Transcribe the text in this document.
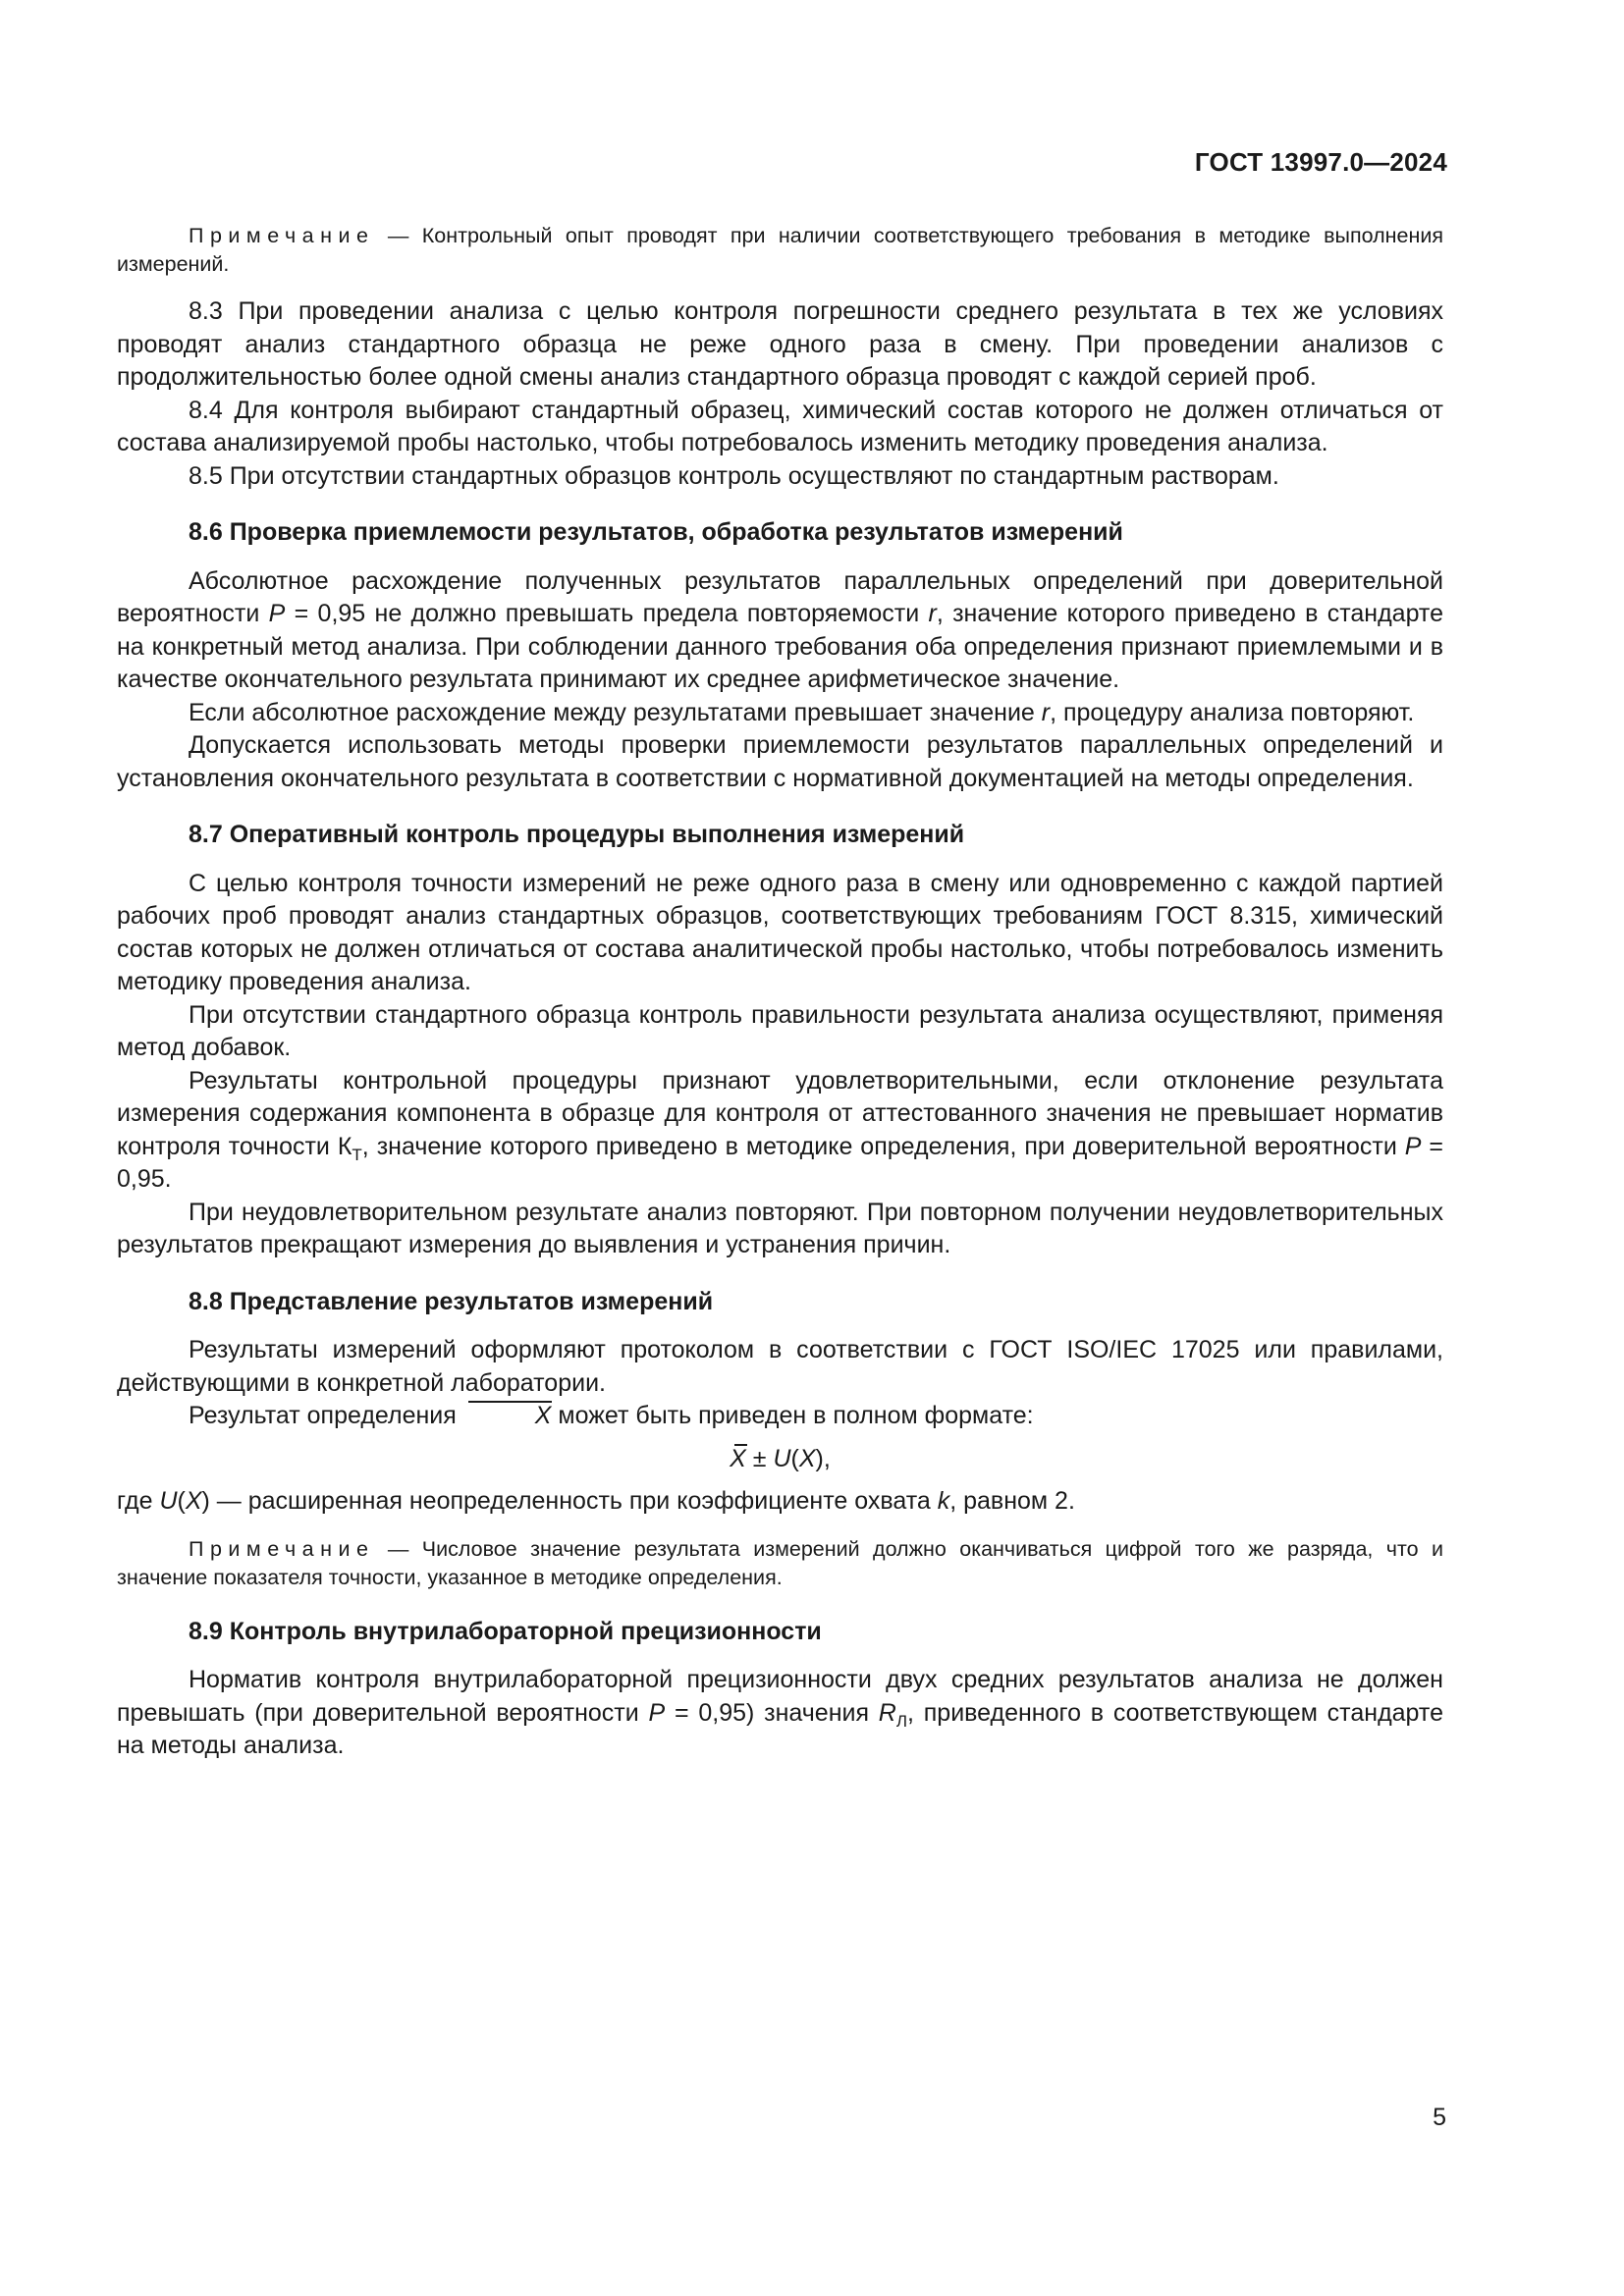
ГОСТ 13997.0—2024

Примечание — Контрольный опыт проводят при наличии соответствующего требования в методике выполнения измерений.

8.3 При проведении анализа с целью контроля погрешности среднего результата в тех же условиях проводят анализ стандартного образца не реже одного раза в смену. При проведении анализов с продолжительностью более одной смены анализ стандартного образца проводят с каждой серией проб.

8.4 Для контроля выбирают стандартный образец, химический состав которого не должен отличаться от состава анализируемой пробы настолько, чтобы потребовалось изменить методику проведения анализа.

8.5 При отсутствии стандартных образцов контроль осуществляют по стандартным растворам.

8.6 Проверка приемлемости результатов, обработка результатов измерений

Абсолютное расхождение полученных результатов параллельных определений при доверительной вероятности P = 0,95 не должно превышать предела повторяемости r, значение которого приведено в стандарте на конкретный метод анализа. При соблюдении данного требования оба определения признают приемлемыми и в качестве окончательного результата принимают их среднее арифметическое значение.

Если абсолютное расхождение между результатами превышает значение r, процедуру анализа повторяют.

Допускается использовать методы проверки приемлемости результатов параллельных определений и установления окончательного результата в соответствии с нормативной документацией на методы определения.

8.7 Оперативный контроль процедуры выполнения измерений

С целью контроля точности измерений не реже одного раза в смену или одновременно с каждой партией рабочих проб проводят анализ стандартных образцов, соответствующих требованиям ГОСТ 8.315, химический состав которых не должен отличаться от состава аналитической пробы настолько, чтобы потребовалось изменить методику проведения анализа.

При отсутствии стандартного образца контроль правильности результата анализа осуществляют, применяя метод добавок.

Результаты контрольной процедуры признают удовлетворительными, если отклонение результата измерения содержания компонента в образце для контроля от аттестованного значения не превышает норматив контроля точности $К_Т$, значение которого приведено в методике определения, при доверительной вероятности P = 0,95.

При неудовлетворительном результате анализ повторяют. При повторном получении неудовлетворительных результатов прекращают измерения до выявления и устранения причин.

8.8 Представление результатов измерений

Результаты измерений оформляют протоколом в соответствии с ГОСТ ISO/IEC 17025 или правилами, действующими в конкретной лаборатории.

Результат определения	X может быть приведен в полном формате:

X ± U(X),

где U(X) — расширенная неопределенность при коэффициенте охвата k, равном 2.

Примечание — Числовое значение результата измерений должно оканчиваться цифрой того же разряда, что и значение показателя точности, указанное в методике определения.

8.9 Контроль внутрилабораторной прецизионности

Норматив контроля внутрилабораторной прецизионности двух средних результатов анализа не должен превышать (при доверительной вероятности P = 0,95) значения $R_Л$, приведенного в соответствующем стандарте на методы анализа.

5
